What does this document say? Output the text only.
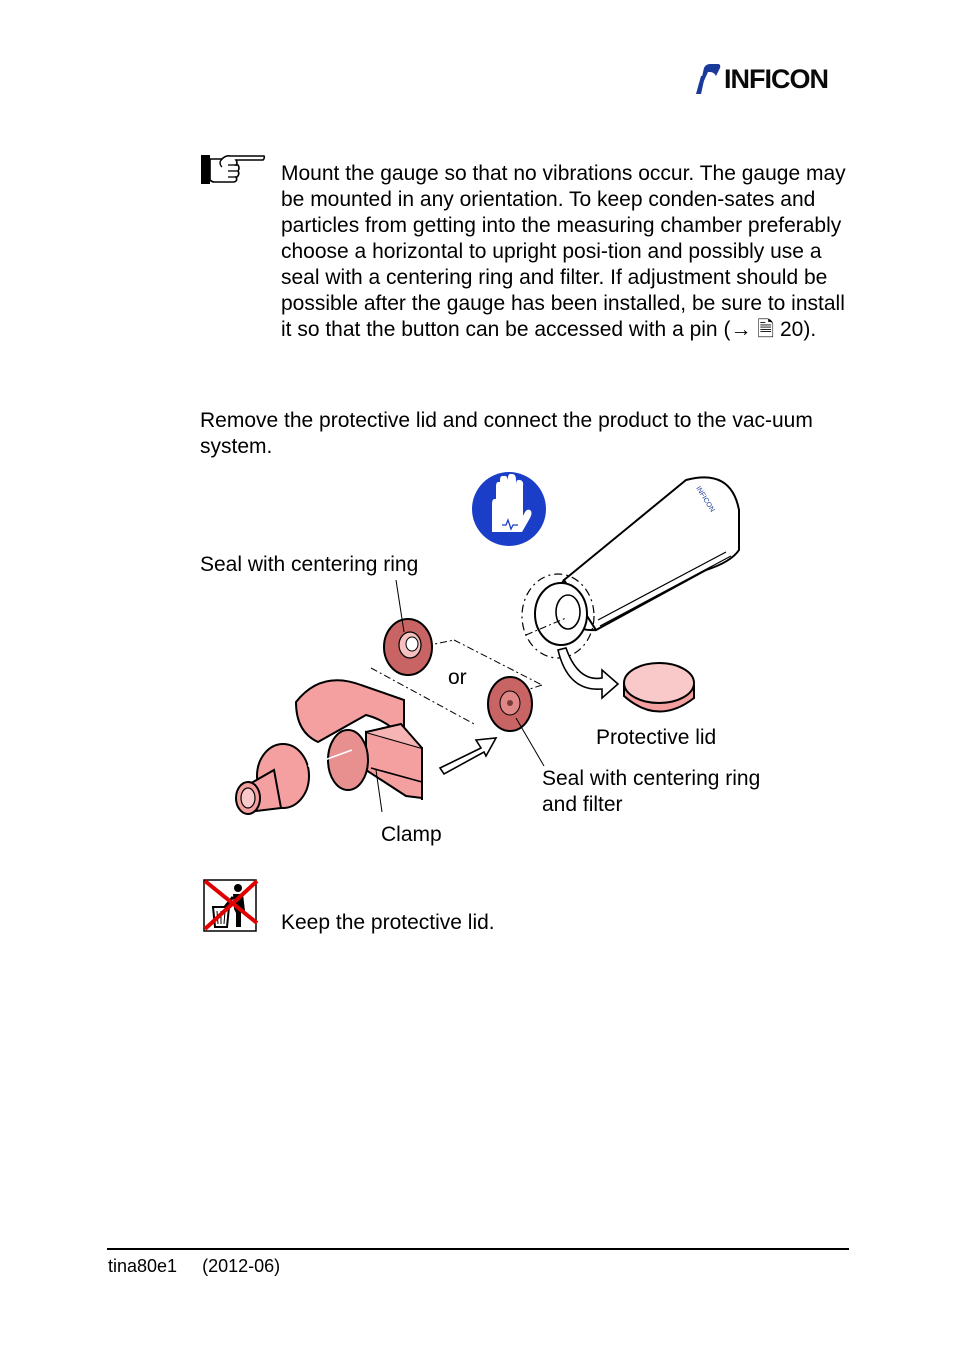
INFICON
Mount the gauge so that no vibrations occur. The gauge may be mounted in any orientation. To keep conden-sates and particles from getting into the measuring chamber preferably choose a horizontal to upright posi-tion and possibly use a seal with a centering ring and filter. If adjustment should be possible after the gauge has been installed, be sure to install it so that the button can be accessed with a pin (→ 🗎 20).
Remove the protective lid and connect the product to the vac-uum system.
INFICON
Seal with centering ring
or
Protective lid
Seal with centering ring
and filter
Clamp
Keep the protective lid.
tina80e1 (2012-06)
